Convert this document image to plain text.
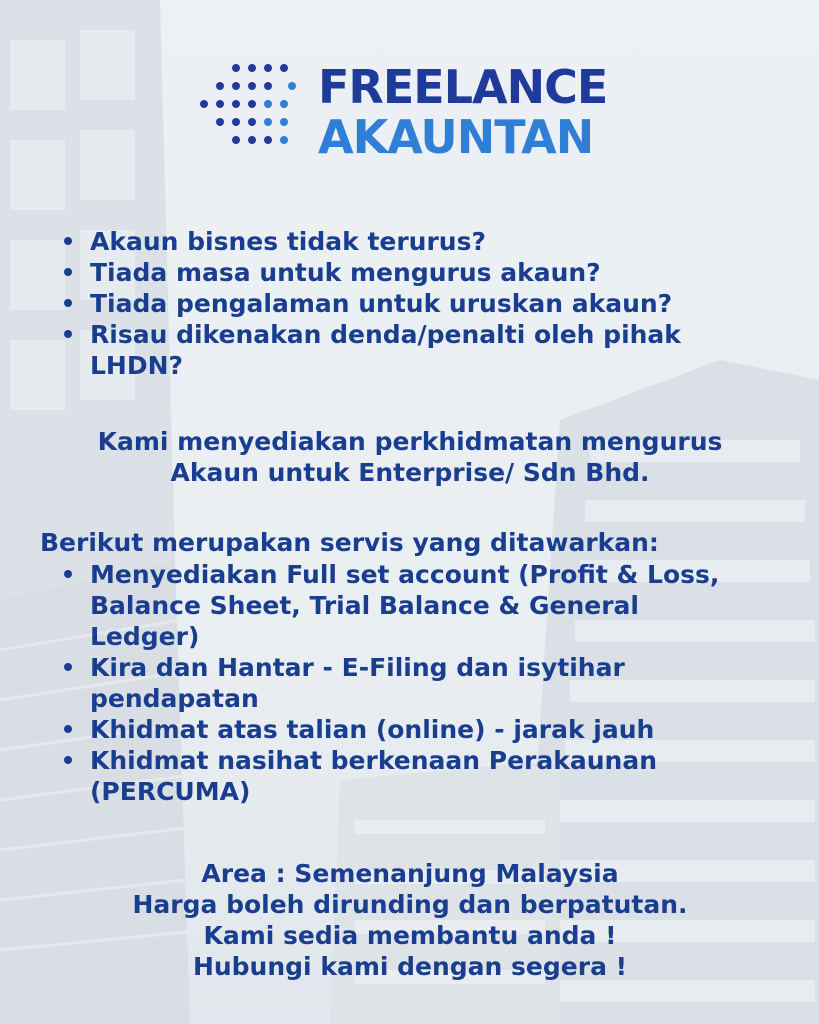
FREELANCE
AKAUNTAN
Akaun bisnes tidak terurus?
Tiada masa untuk mengurus akaun?
Tiada pengalaman untuk uruskan akaun?
Risau dikenakan denda/penalti oleh pihak LHDN?
Kami menyediakan perkhidmatan mengurus
Akaun untuk Enterprise/ Sdn Bhd.
Berikut merupakan servis yang ditawarkan:
Menyediakan Full set account (Profit & Loss, Balance Sheet, Trial Balance & General Ledger)
Kira dan Hantar - E-Filing dan isytihar pendapatan
Khidmat atas talian (online) - jarak jauh
Khidmat nasihat berkenaan Perakaunan (PERCUMA)
Area : Semenanjung Malaysia
Harga boleh dirunding dan berpatutan.
Kami sedia membantu anda !
Hubungi kami dengan segera !
